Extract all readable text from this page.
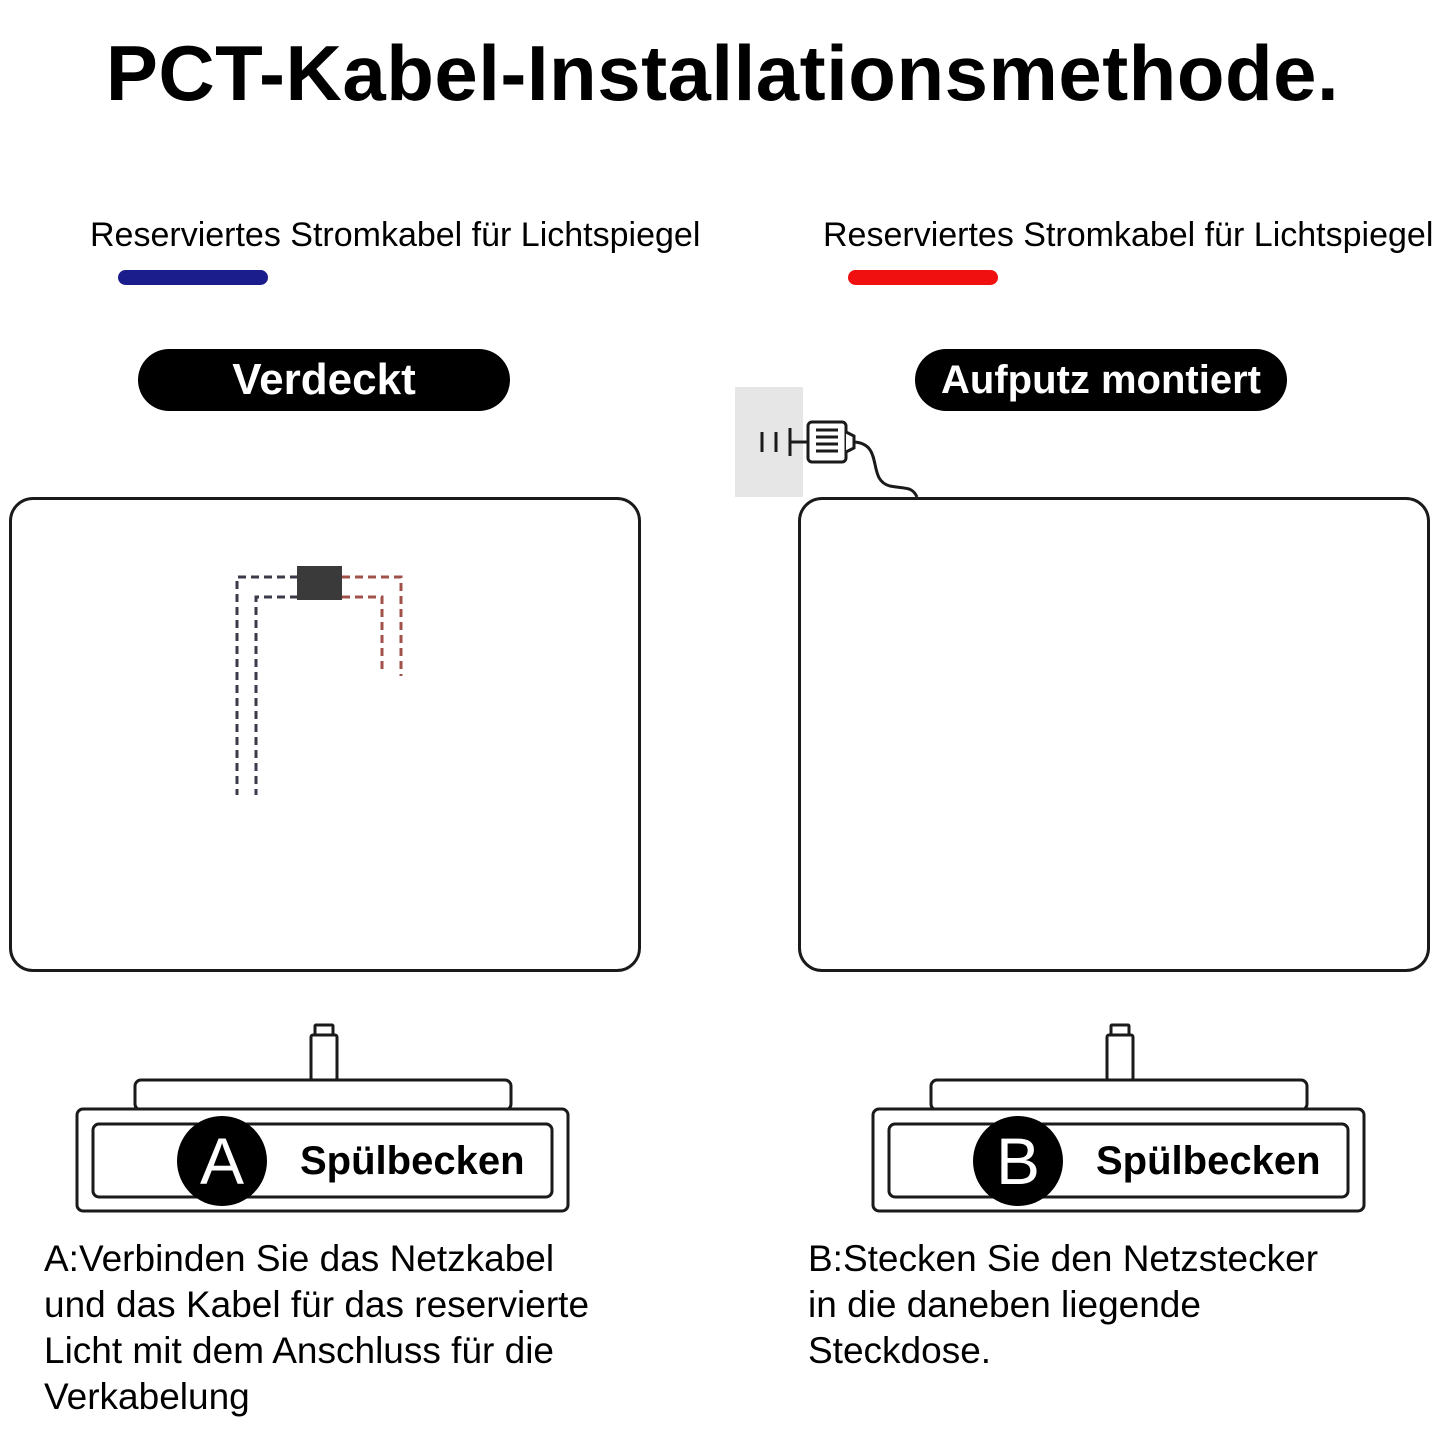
PCT-Kabel-Installationsmethode.
Reserviertes Stromkabel für Lichtspiegel	Reserviertes Stromkabel für Lichtspiegel
Verdeckt	Aufputz montiert
A	Spülbecken	B	Spülbecken
A:Verbinden Sie das Netzkabel
und das Kabel für das reservierte
Licht mit dem Anschluss für die
Verkabelung
B:Stecken Sie den Netzstecker
in die daneben liegende
Steckdose.
